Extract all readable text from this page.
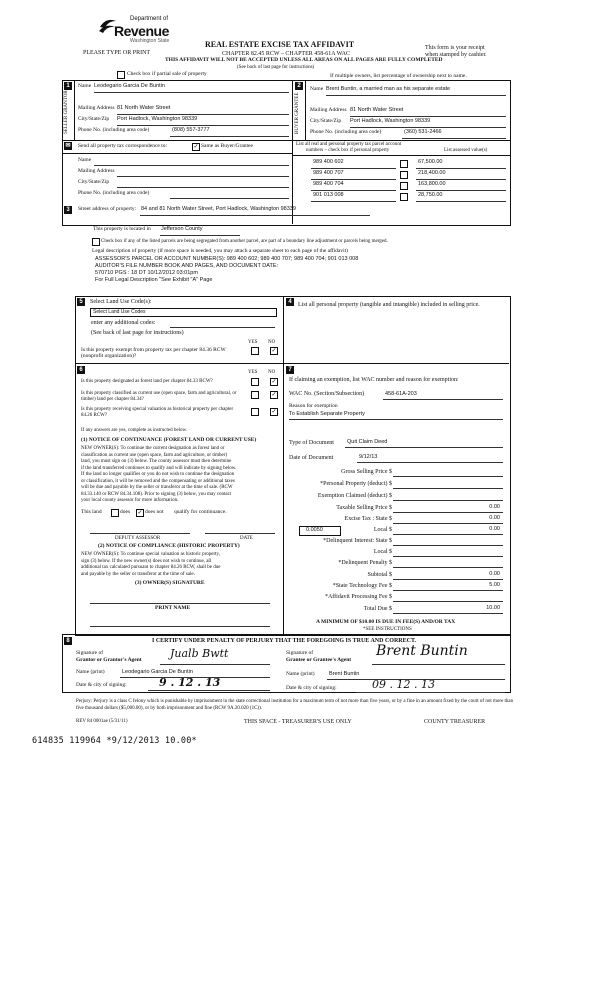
Department of
Revenue
Washington State
PLEASE TYPE OR PRINT
REAL ESTATE EXCISE TAX AFFIDAVIT
CHAPTER 82.45 RCW – CHAPTER 458-61A WAC
THIS AFFIDAVIT WILL NOT BE ACCEPTED UNLESS ALL AREAS ON ALL PAGES ARE FULLY COMPLETED
(See back of last page for instructions)
This form is your receipt
when stamped by cashier.
Check box if partial sale of property	If multiple owners, list percentage of ownership next to name.
1
SELLER GRANTOR
Name Leodegario Garcia De Buntin
Mailing Address 81 North Water Street
City/State/Zip Port Hadlock, Washington 98339
Phone No. (including area code)	(808) 557-3777
2
BUYER GRANTEE
Name Brent Buntin, a married man as his separate estate
Mailing Address 81 North Water Street
City/State/Zip Port Hadlock, Washington 98339
Phone No. (including area code)	(360) 531-2466
✉ Send all property tax correspondence to:	✓ Same as Buyer/Grantee
Name
Mailing Address
City/State/Zip
Phone No. (including area code)
List all real and personal property tax parcel account
numbers – check box if personal property	List assessed value(s)
989 400 602	67,500.00
989 400 707	218,400.00
989 400 704	163,800.00
901 013 008	28,750.00
3	Street address of property: 84 and 81 North Water Street, Port Hadlock, Washington 98339
This property is located in Jefferson County
Check box if any of the listed parcels are being segregated from another parcel, are part of a boundary line adjustment or parcels being merged.
Legal description of property (if more space is needed, you may attach a separate sheet to each page of the affidavit)
ASSESSOR'S PARCEL OR ACCOUNT NUMBER(S): 989 400 602; 989 400 707; 989 400 704; 901 013 008
AUDITOR'S FILE NUMBER BOOK AND PAGES, AND DOCUMENT DATE:
570710 PGS : 18 DT 10/12/2012 03:01pm
For Full Legal Description "See Exhibit "A" Page
5	Select Land Use Code(s):
Select Land Use Codes
enter any additional codes:
(See back of last page for instructions)
YES NO
Is this property exempt from property tax per chapter 84.36 RCW (nonprofit organization)?
✓
4	List all personal property (tangible and intangible) included in selling price.
6	YES NO
Is this property designated as forest land per chapter 84.33 RCW?	✓
Is this property classified as current use (open space, farm and agricultural, or timber) land per chapter 84.34?
✓
Is this property receiving special valuation as historical property per chapter 84.26 RCW?
✓
If any answers are yes, complete as instructed below.
(1) NOTICE OF CONTINUANCE (FOREST LAND OR CURRENT USE)
NEW OWNER(S): To continue the current designation as forest land or
classification as current use (open space, farm and agriculture, or timber)
land, you must sign on (3) below. The county assessor must then determine
if the land transferred continues to qualify and will indicate by signing below.
If the land no longer qualifies or you do not wish to continue the designation
or classification, it will be removed and the compensating or additional taxes
will be due and payable by the seller or transferor at the time of sale. (RCW
84.33.140 or RCW 84.34.108). Prior to signing (3) below, you may contact
your local county assessor for more information.
This land	does ✓ does not qualify for continuance.
DEPUTY ASSESSOR	DATE
(2) NOTICE OF COMPLIANCE (HISTORIC PROPERTY)
NEW OWNER(S): To continue special valuation as historic property,
sign (3) below. If the new owner(s) does not wish to continue, all
additional tax calculated pursuant to chapter 84.26 RCW, shall be due
and payable by the seller or transferor at the time of sale.
(3) OWNER(S) SIGNATURE
PRINT NAME
7
If claiming an exemption, list WAC number and reason for exemption:
WAC No. (Section/Subsection)	458-61A-203
Reason for exemption
To Establish Separate Property
Type of Document Quit Claim Deed
Date of Document	9/12/13
Gross Selling Price $
*Personal Property (deduct) $
Exemption Claimed (deduct) $
Taxable Selling Price $	0.00
Excise Tax : State $	0.00
0.0050	Local $	0.00
*Delinquent Interest: State $
Local $
*Delinquent Penalty $
Subtotal $	0.00
*State Technology Fee $	5.00
*Affidavit Processing Fee $
Total Due $	10.00
A MINIMUM OF $10.00 IS DUE IN FEE(S) AND/OR TAX
*SEE INSTRUCTIONS
8	I CERTIFY UNDER PENALTY OF PERJURY THAT THE FOREGOING IS TRUE AND CORRECT.
Signature of
Grantor or Grantor's Agent	Jualb Bwtt	Signature of
Grantee or Grantee's Agent
Brent Buntin
Name (print)	Leodegario Garcia De Buntin	Name (print)	Brent Buntin
Date & city of signing:	9 . 12 . 13	Date & city of signing:	09 . 12 . 13
Perjury: Perjury is a class C felony which is punishable by imprisonment in the state correctional institution for a maximum term of not more than five years, or by a fine in an amount fixed by the court of not more than five thousand dollars ($5,000.00), or by both imprisonment and fine (RCW 9A.20.020 (1C)).
REV 84 0001ae (5/31/11)	THIS SPACE - TREASURER'S USE ONLY	COUNTY TREASURER
614835 119964 *9/12/2013 10.00*
